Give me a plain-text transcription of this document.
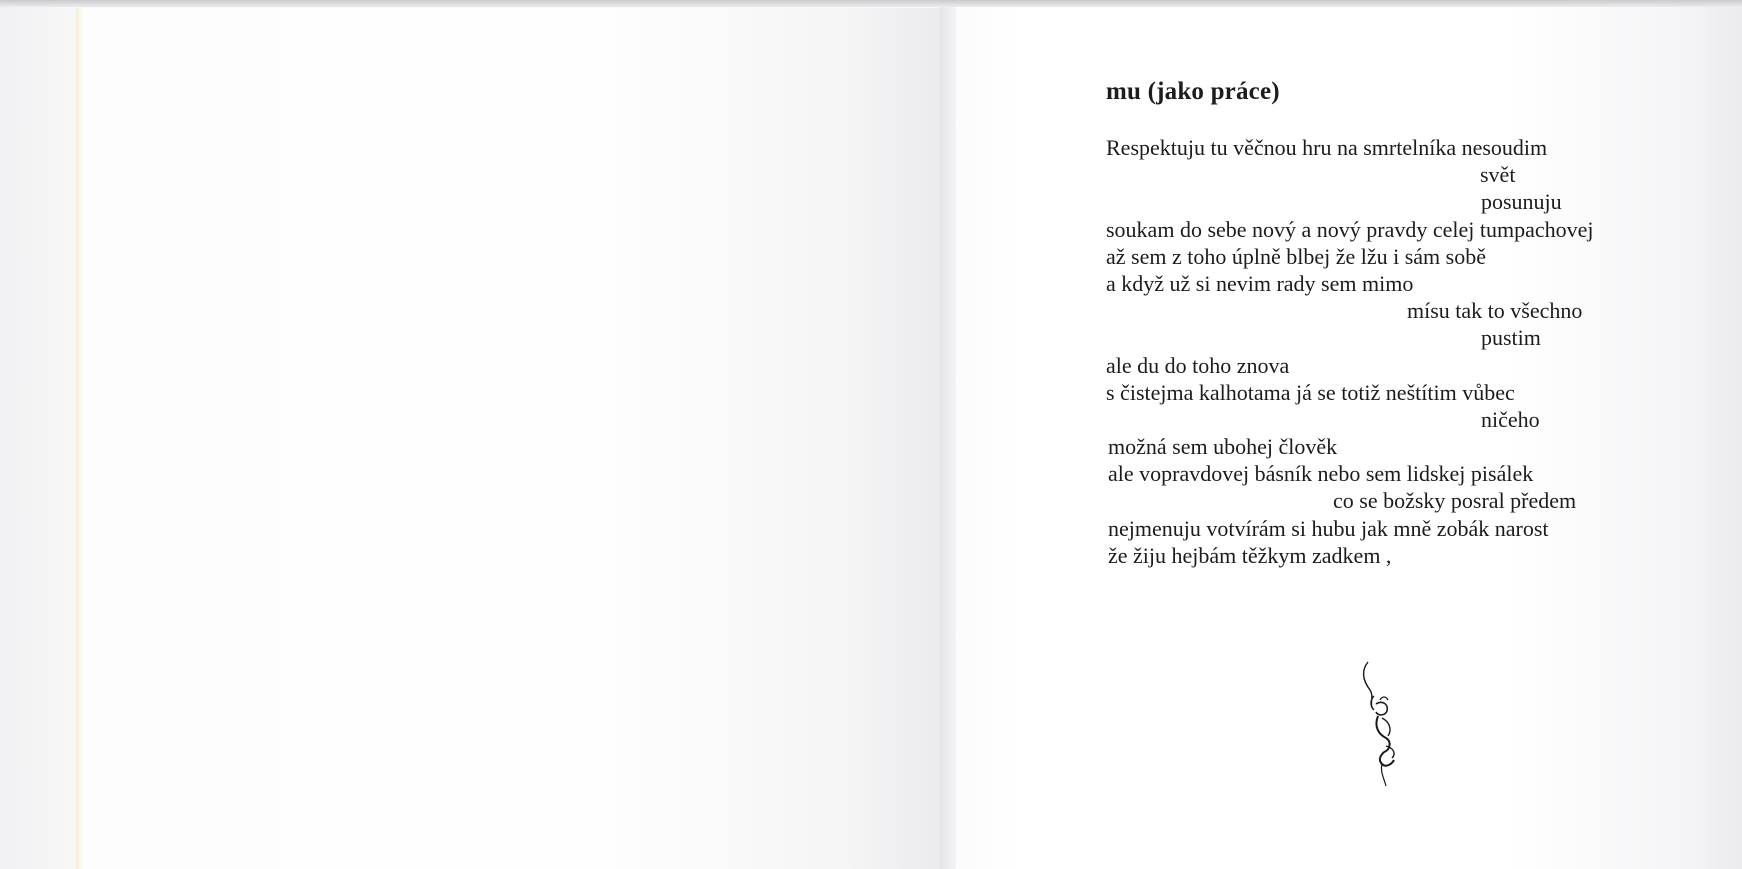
mu (jako práce)
Respektuju tu věčnou hru na smrtelníka nesoudim
svět
posunuju
soukam do sebe nový a nový pravdy celej tumpachovej
až sem z toho úplně blbej že lžu i sám sobě
a když už si nevim rady sem mimo
mísu tak to všechno
pustim
ale du do toho znova
s čistejma kalhotama já se totiž neštítim vůbec
ničeho
možná sem ubohej člověk
ale vopravdovej básník nebo sem lidskej pisálek
co se božsky posral předem
nejmenuju votvírám si hubu jak mně zobák narost
že žiju hejbám těžkym zadkem ,
